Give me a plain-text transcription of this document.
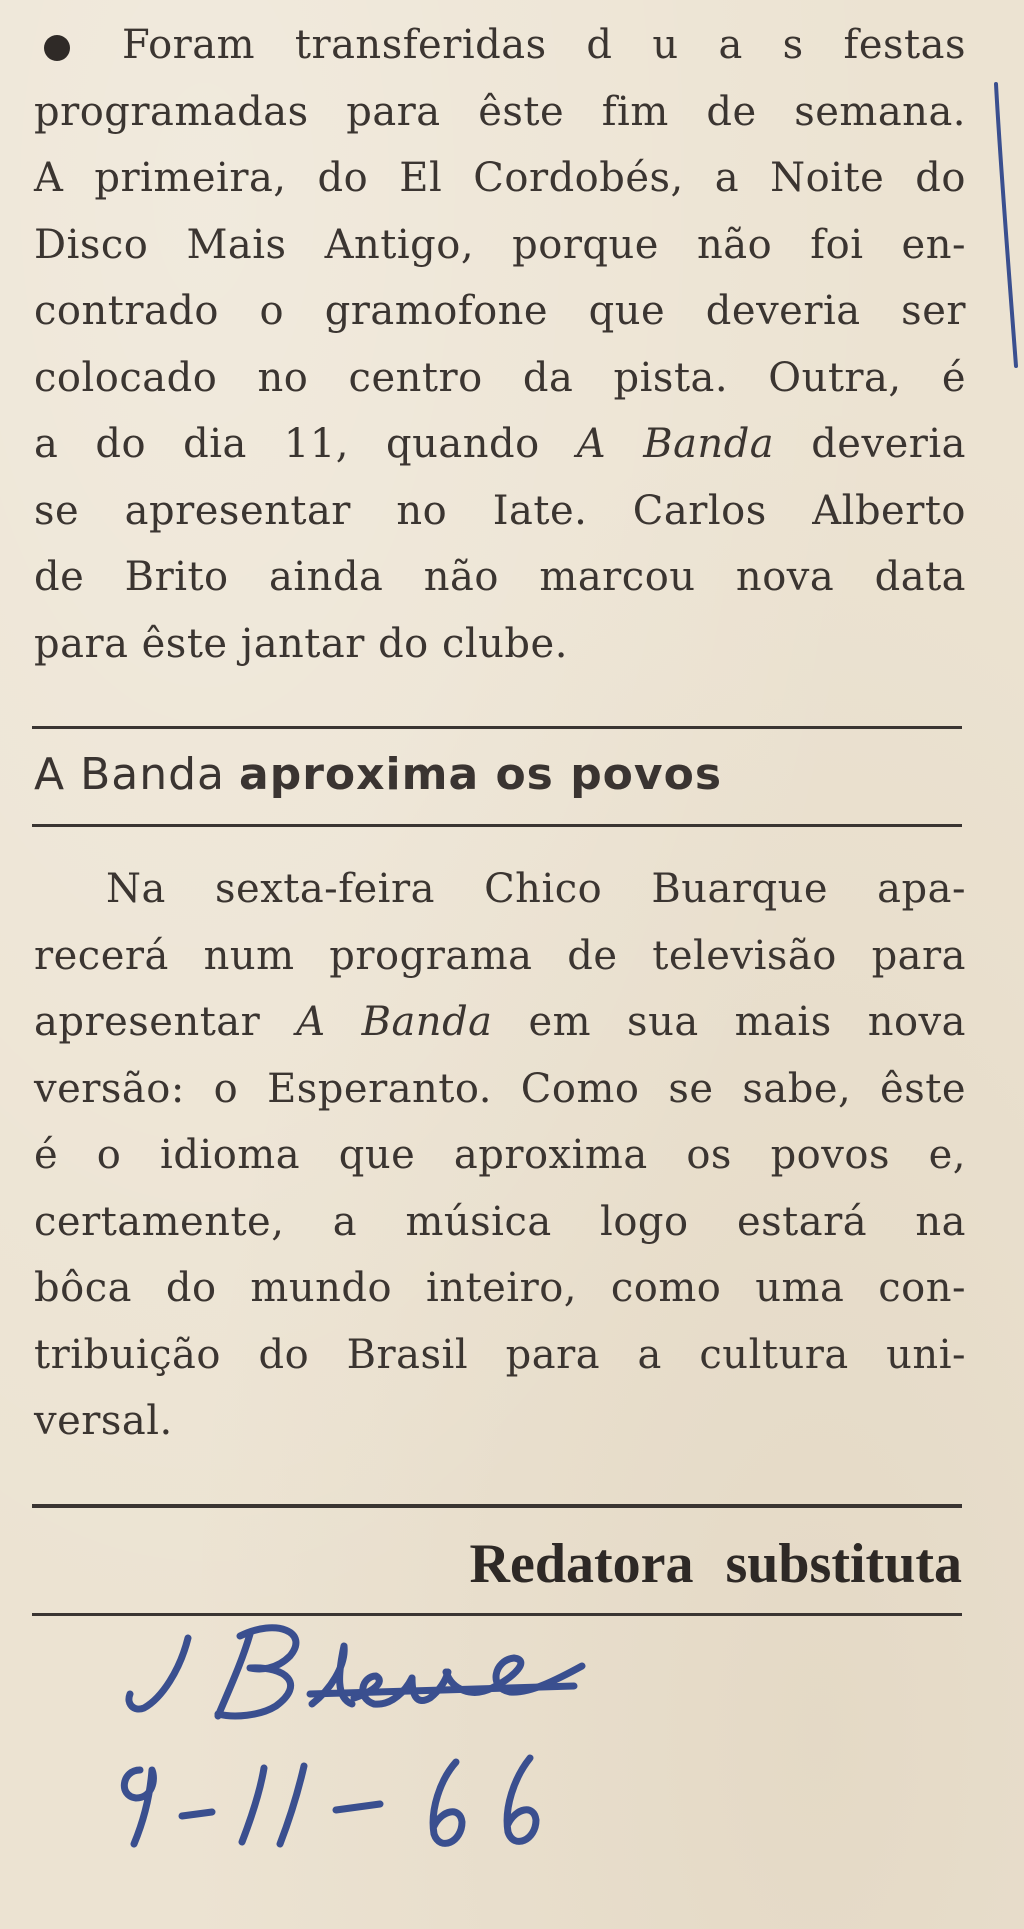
Foram transferidas d u a s festas
programadas para êste fim de semana.
A primeira, do El Cordobés, a Noite do
Disco Mais Antigo, porque não foi en-
contrado o gramofone que deveria ser
colocado no centro da pista. Outra, é
a do dia 11, quando A Banda deveria
se apresentar no Iate. Carlos Alberto
de Brito ainda não marcou nova data
para êste jantar do clube.

A Banda aproxima os povos

Na sexta-feira Chico Buarque apa-
recerá num programa de televisão para
apresentar A Banda em sua mais nova
versão: o Esperanto. Como se sabe, êste
é o idioma que aproxima os povos e,
certamente, a música logo estará na
bôca do mundo inteiro, como uma con-
tribuição do Brasil para a cultura uni-
versal.

Redatora substituta
